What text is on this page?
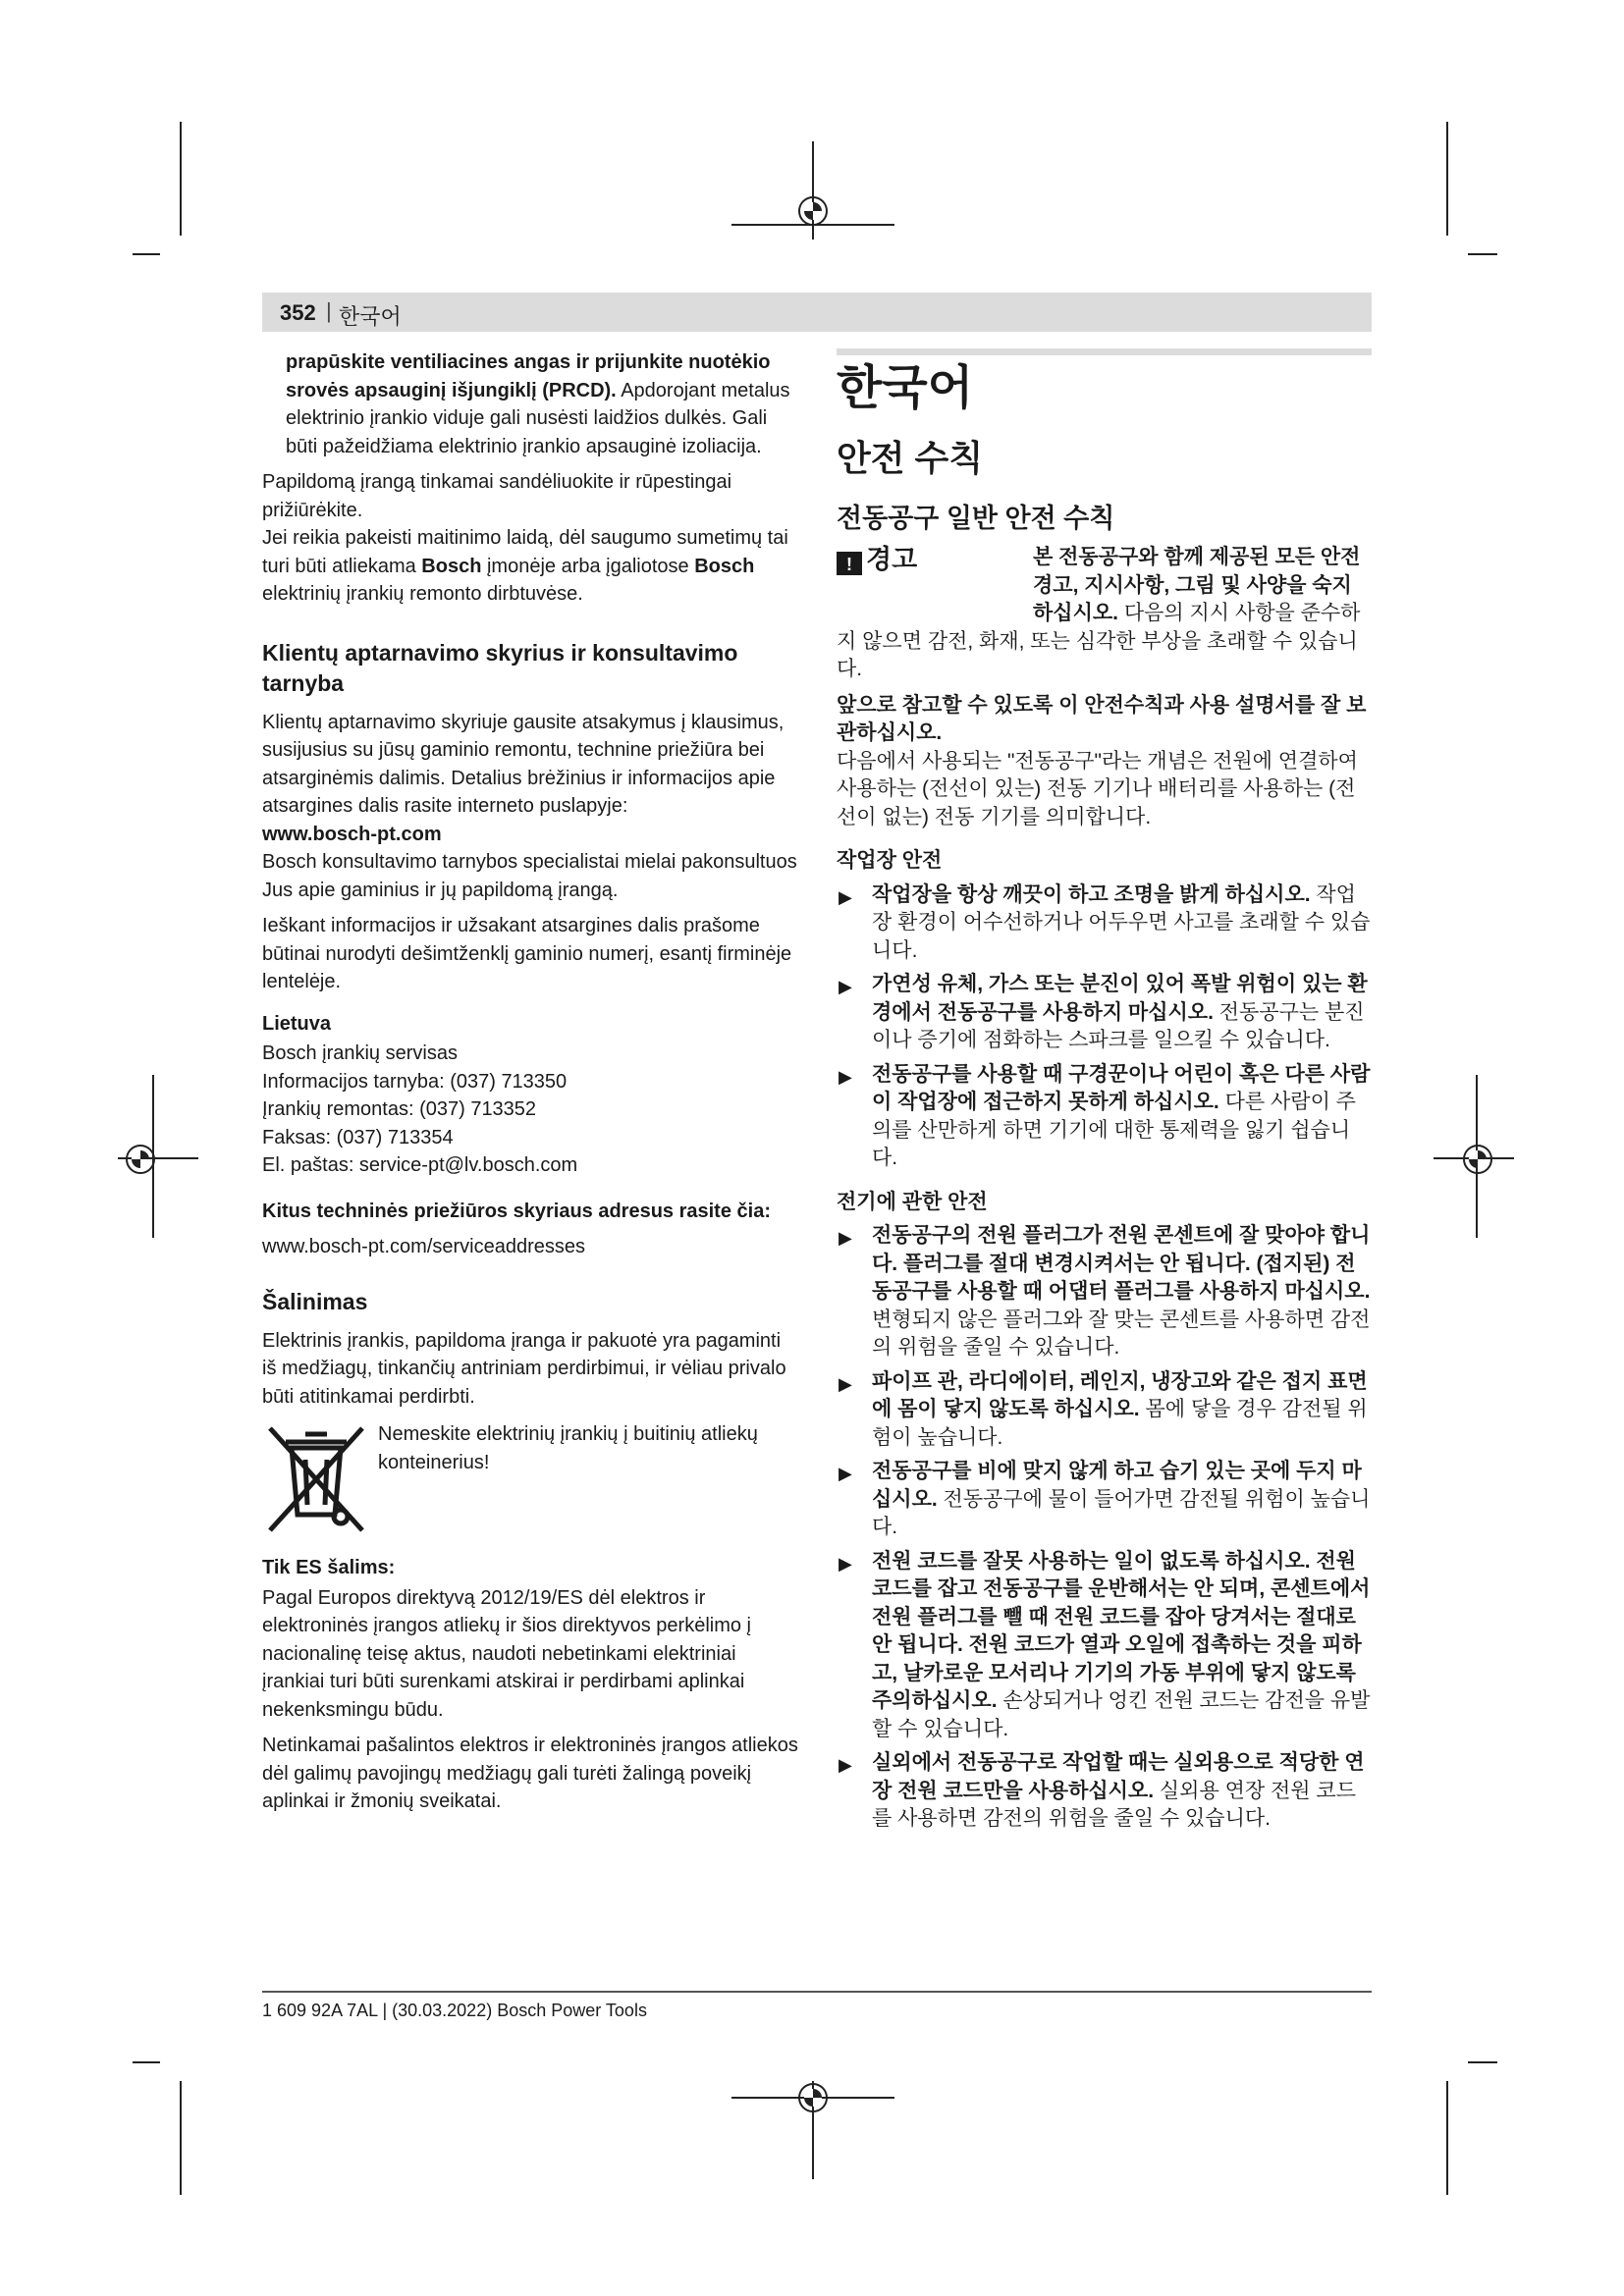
352 | 한국어

prapūskite ventiliacines angas ir prijunkite nuotėkio srovės apsauginį išjungiklį (PRCD). Apdorojant metalus elektrinio įrankio viduje gali nusėsti laidžios dulkės. Gali būti pažeidžiama elektrinio įrankio apsauginė izoliacija.

Papildomą įrangą tinkamai sandėliuokite ir rūpestingai prižiūrėkite.

Jei reikia pakeisti maitinimo laidą, dėl saugumo sumetimų tai turi būti atliekama Bosch įmonėje arba įgaliotose Bosch elektrinių įrankių remonto dirbtuvėse.

Klientų aptarnavimo skyrius ir konsultavimo tarnyba

Klientų aptarnavimo skyriuje gausite atsakymus į klausimus, susijusius su jūsų gaminio remontu, technine priežiūra bei atsarginėmis dalimis. Detalius brėžinius ir informacijos apie atsargines dalis rasite interneto puslapyje:

www.bosch-pt.com

Bosch konsultavimo tarnybos specialistai mielai pakonsultuos Jus apie gaminius ir jų papildomą įrangą.

Ieškant informacijos ir užsakant atsargines dalis prašome būtinai nurodyti dešimtženklį gaminio numerį, esantį firminėje lentelėje.

Lietuva

Bosch įrankių servisas

Informacijos tarnyba: (037) 713350

Įrankių remontas: (037) 713352

Faksas: (037) 713354

El. paštas: service-pt@lv.bosch.com

Kitus techninės priežiūros skyriaus adresus rasite čia:

www.bosch-pt.com/serviceaddresses

Šalinimas

Elektrinis įrankis, papildoma įranga ir pakuotė yra pagaminti iš medžiagų, tinkančių antriniam perdirbimui, ir vėliau privalo būti atitinkamai perdirbti.

Nemeskite elektrinių įrankių į buitinių atliekų konteinerius!
Tik ES šalims:

Pagal Europos direktyvą 2012/19/ES dėl elektros ir elektroninės įrangos atliekų ir šios direktyvos perkėlimo į nacionalinę teisę aktus, naudoti nebetinkami elektriniai įrankiai turi būti surenkami atskirai ir perdirbami aplinkai nekenksmingu būdu.

Netinkamai pašalintos elektros ir elektroninės įrangos atliekos dėl galimų pavojingų medžiagų gali turėti žalingą poveikį aplinkai ir žmonių sveikatai.

한국어
안전 수칙
전동공구 일반 안전 수칙
! 경고	본 전동공구와 함께 제공된 모든 안전경고, 지시사항, 그림 및 사양을 숙지하십시오. 다음의 지시 사항을 준수하지 않으면 감전, 화재, 또는 심각한 부상을 초래할 수 있습니다.

앞으로 참고할 수 있도록 이 안전수칙과 사용 설명서를 잘 보관하십시오.

다음에서 사용되는 "전동공구"라는 개념은 전원에 연결하여 사용하는 (전선이 있는) 전동 기기나 배터리를 사용하는 (전선이 없는) 전동 기기를 의미합니다.

작업장 안전
▶ 작업장을 항상 깨끗이 하고 조명을 밝게 하십시오. 작업장 환경이 어수선하거나 어두우면 사고를 초래할 수 있습니다.
▶ 가연성 유체, 가스 또는 분진이 있어 폭발 위험이 있는 환경에서 전동공구를 사용하지 마십시오. 전동공구는 분진이나 증기에 점화하는 스파크를 일으킬 수 있습니다.
▶ 전동공구를 사용할 때 구경꾼이나 어린이 혹은 다른 사람이 작업장에 접근하지 못하게 하십시오. 다른 사람이 주의를 산만하게 하면 기기에 대한 통제력을 잃기 쉽습니다.
전기에 관한 안전
▶ 전동공구의 전원 플러그가 전원 콘센트에 잘 맞아야 합니다. 플러그를 절대 변경시켜서는 안 됩니다. (접지된) 전동공구를 사용할 때 어댑터 플러그를 사용하지 마십시오. 변형되지 않은 플러그와 잘 맞는 콘센트를 사용하면 감전의 위험을 줄일 수 있습니다.
▶ 파이프 관, 라디에이터, 레인지, 냉장고와 같은 접지 표면에 몸이 닿지 않도록 하십시오. 몸에 닿을 경우 감전될 위험이 높습니다.
▶ 전동공구를 비에 맞지 않게 하고 습기 있는 곳에 두지 마십시오. 전동공구에 물이 들어가면 감전될 위험이 높습니다.
▶ 전원 코드를 잘못 사용하는 일이 없도록 하십시오. 전원 코드를 잡고 전동공구를 운반해서는 안 되며, 콘센트에서 전원 플러그를 뺄 때 전원 코드를 잡아 당겨서는 절대로 안 됩니다. 전원 코드가 열과 오일에 접촉하는 것을 피하고, 날카로운 모서리나 기기의 가동 부위에 닿지 않도록 주의하십시오. 손상되거나 엉킨 전원 코드는 감전을 유발할 수 있습니다.
▶ 실외에서 전동공구로 작업할 때는 실외용으로 적당한 연장 전원 코드만을 사용하십시오. 실외용 연장 전원 코드를 사용하면 감전의 위험을 줄일 수 있습니다.
1 609 92A 7AL | (30.03.2022) Bosch Power Tools
